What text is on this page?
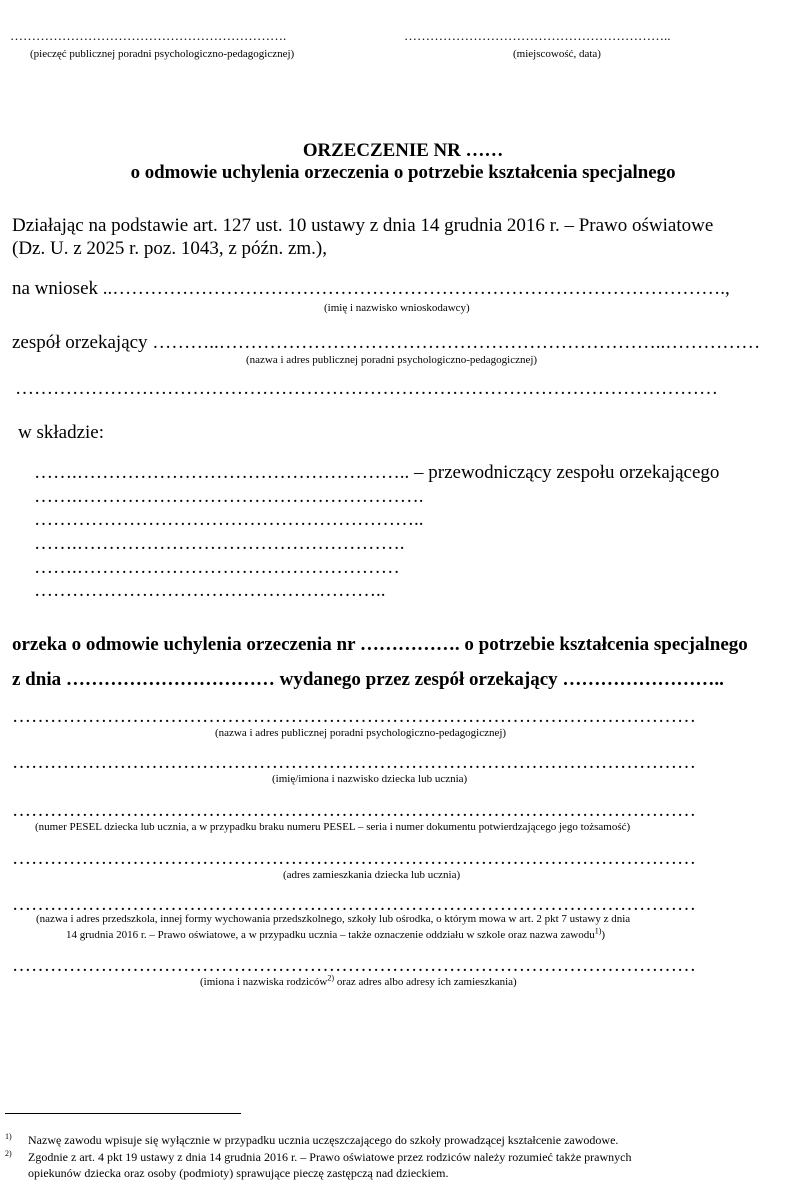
……………………………………………………….
(pieczęć publicznej poradni psychologiczno-pedagogicznej)
……………………………………………………..
(miejscowość, data)
ORZECZENIE NR ……
o odmowie uchylenia orzeczenia o potrzebie kształcenia specjalnego
Działając na podstawie art. 127 ust. 10 ustawy z dnia 14 grudnia 2016 r. – Prawo oświatowe
(Dz. U. z 2025 r. poz. 1043, z późn. zm.),
na wniosek ..…………………………………………………………………………………….,
(imię i nazwisko wnioskodawcy)
zespół orzekający ………..……………………………………………………………..……………
(nazwa i adres publicznej poradni psychologiczno-pedagogicznej)
…………………………………………………………………………………………………
w składzie:
…….…………………………………………….. – przewodniczący zespołu orzekającego
…….……………………………………………….
……………………………………………………..
…….…………………………………………….
…….……………………………………………
………………………………………………..
orzeka o odmowie uchylenia orzeczenia nr ……………. o potrzebie kształcenia specjalnego
z dnia …………………………… wydanego przez zespół orzekający ……………………..
………………………………………………………………………………………………
(nazwa i adres publicznej poradni psychologiczno-pedagogicznej)
………………………………………………………………………………………………
(imię/imiona i nazwisko dziecka lub ucznia)
………………………………………………………………………………………………
(numer PESEL dziecka lub ucznia, a w przypadku braku numeru PESEL – seria i numer dokumentu potwierdzającego jego tożsamość)
………………………………………………………………………………………………
(adres zamieszkania dziecka lub ucznia)
………………………………………………………………………………………………
(nazwa i adres przedszkola, innej formy wychowania przedszkolnego, szkoły lub ośrodka, o którym mowa w art. 2 pkt 7 ustawy z dnia
14 grudnia 2016 r. – Prawo oświatowe, a w przypadku ucznia – także oznaczenie oddziału w szkole oraz nazwa zawodu$^{1)}$)
………………………………………………………………………………………………
(imiona i nazwiska rodziców$^{2)}$ oraz adres albo adresy ich zamieszkania)
1) Nazwę zawodu wpisuje się wyłącznie w przypadku ucznia uczęszczającego do szkoły prowadzącej kształcenie zawodowe.
2) Zgodnie z art. 4 pkt 19 ustawy z dnia 14 grudnia 2016 r. – Prawo oświatowe przez rodziców należy rozumieć także prawnych
opiekunów dziecka oraz osoby (podmioty) sprawujące pieczę zastępczą nad dzieckiem.
